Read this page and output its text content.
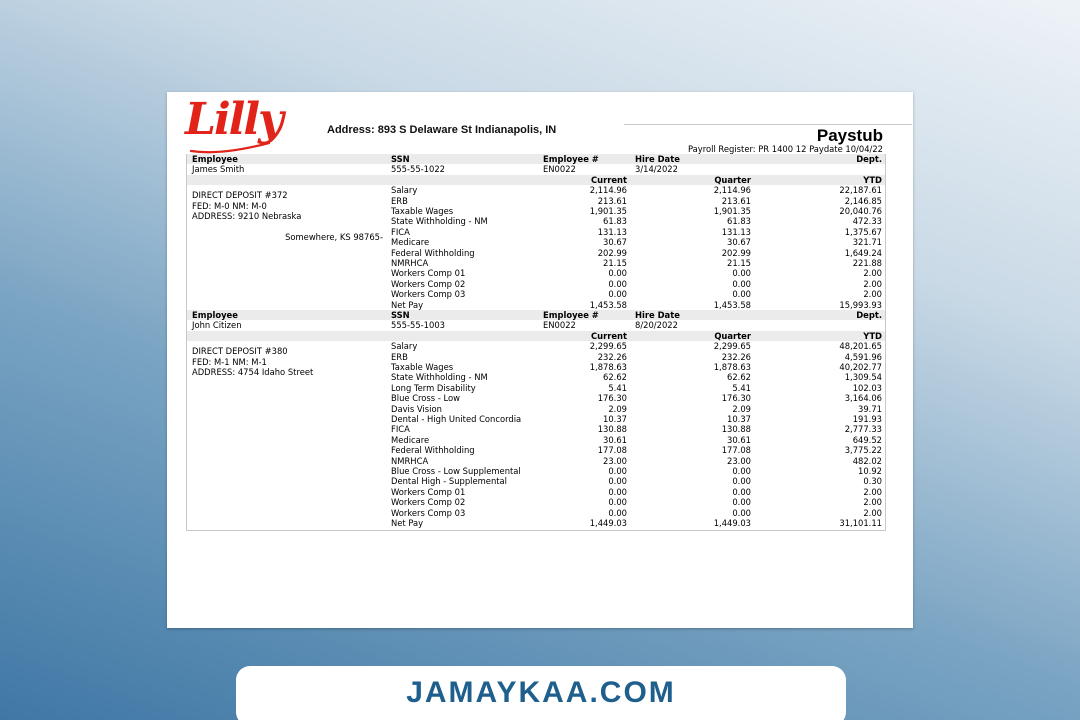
Lilly	Address: 893 S Delaware St Indianapolis, IN	Paystub
Payroll Register: PR 1400 12 Paydate 10/04/22
Employee	SSN	Employee #	Hire Date	Dept.
James Smith	555-55-1022	EN0022	3/14/2022
Current	Quarter	YTD
DIRECT DEPOSIT #372
FED: M-0 NM: M-0
ADDRESS: 9210 Nebraska
Somewhere, KS 98765-
Salary	2,114.96	2,114.96	22,187.61
ERB	213.61	213.61	2,146.85
Taxable Wages	1,901.35	1,901.35	20,040.76
State Withholding - NM	61.83	61.83	472.33
FICA	131.13	131.13	1,375.67
Medicare	30.67	30.67	321.71
Federal Withholding	202.99	202.99	1,649.24
NMRHCA	21.15	21.15	221.88
Workers Comp 01	0.00	0.00	2.00
Workers Comp 02	0.00	0.00	2.00
Workers Comp 03	0.00	0.00	2.00
Net Pay	1,453.58	1,453.58	15,993.93
Employee	SSN	Employee #	Hire Date	Dept.
John Citizen	555-55-1003	EN0022	8/20/2022
Current	Quarter	YTD
DIRECT DEPOSIT #380
FED: M-1 NM: M-1
ADDRESS: 4754 Idaho Street
Salary	2,299.65	2,299.65	48,201.65
ERB	232.26	232.26	4,591.96
Taxable Wages	1,878.63	1,878.63	40,202.77
State Withholding - NM	62.62	62.62	1,309.54
Long Term Disability	5.41	5.41	102.03
Blue Cross - Low	176.30	176.30	3,164.06
Davis Vision	2.09	2.09	39.71
Dental - High United Concordia	10.37	10.37	191.93
FICA	130.88	130.88	2,777.33
Medicare	30.61	30.61	649.52
Federal Withholding	177.08	177.08	3,775.22
NMRHCA	23.00	23.00	482.02
Blue Cross - Low Supplemental	0.00	0.00	10.92
Dental High - Supplemental	0.00	0.00	0.30
Workers Comp 01	0.00	0.00	2.00
Workers Comp 02	0.00	0.00	2.00
Workers Comp 03	0.00	0.00	2.00
Net Pay	1,449.03	1,449.03	31,101.11
JAMAYKAA.COM
